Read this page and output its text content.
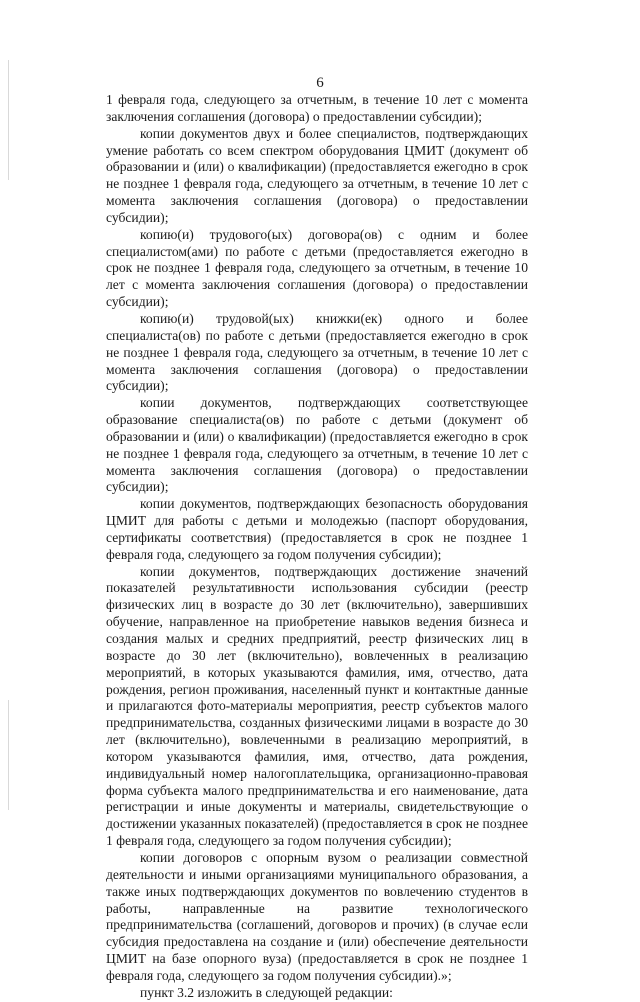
6

1 февраля года, следующего за отчетным, в течение 10 лет с момента заключения соглашения (договора) о предоставлении субсидии);

копии документов двух и более специалистов, подтверждающих умение работать со всем спектром оборудования ЦМИТ (документ об образовании и (или) о квалификации) (предоставляется ежегодно в срок не позднее 1 февраля года, следующего за отчетным, в течение 10 лет с момента заключения соглашения (договора) о предоставлении субсидии);

копию(и) трудового(ых) договора(ов) с одним и более специалистом(ами) по работе с детьми (предоставляется ежегодно в срок не позднее 1 февраля года, следующего за отчетным, в течение 10 лет с момента заключения соглашения (договора) о предоставлении субсидии);

копию(и) трудовой(ых) книжки(ек) одного и более специалиста(ов) по работе с детьми (предоставляется ежегодно в срок не позднее 1 февраля года, следующего за отчетным, в течение 10 лет с момента заключения соглашения (договора) о предоставлении субсидии);

копии документов, подтверждающих соответствующее образование специалиста(ов) по работе с детьми (документ об образовании и (или) о квалификации) (предоставляется ежегодно в срок не позднее 1 февраля года, следующего за отчетным, в течение 10 лет с момента заключения соглашения (договора) о предоставлении субсидии);

копии документов, подтверждающих безопасность оборудования ЦМИТ для работы с детьми и молодежью (паспорт оборудования, сертификаты соответствия) (предоставляется в срок не позднее 1 февраля года, следующего за годом получения субсидии);

копии документов, подтверждающих достижение значений показателей результативности использования субсидии (реестр физических лиц в возрасте до 30 лет (включительно), завершивших обучение, направленное на приобретение навыков ведения бизнеса и создания малых и средних предприятий, реестр физических лиц в возрасте до 30 лет (включительно), вовлеченных в реализацию мероприятий, в которых указываются фамилия, имя, отчество, дата рождения, регион проживания, населенный пункт и контактные данные и прилагаются фото-материалы мероприятия, реестр субъектов малого предпринимательства, созданных физическими лицами в возрасте до 30 лет (включительно), вовлеченными в реализацию мероприятий, в котором указываются фамилия, имя, отчество, дата рождения, индивидуальный номер налогоплательщика, организационно-правовая форма субъекта малого предпринимательства и его наименование, дата регистрации и иные документы и материалы, свидетельствующие о достижении указанных показателей) (предоставляется в срок не позднее 1 февраля года, следующего за годом получения субсидии);

копии договоров с опорным вузом о реализации совместной деятельности и иными организациями муниципального образования, а также иных подтверждающих документов по вовлечению студентов в работы, направленные на развитие технологического предпринимательства (соглашений, договоров и прочих) (в случае если субсидия предоставлена на создание и (или) обеспечение деятельности ЦМИТ на базе опорного вуза) (предоставляется в срок не позднее 1 февраля года, следующего за годом получения субсидии).»;

пункт 3.2 изложить в следующей редакции:
